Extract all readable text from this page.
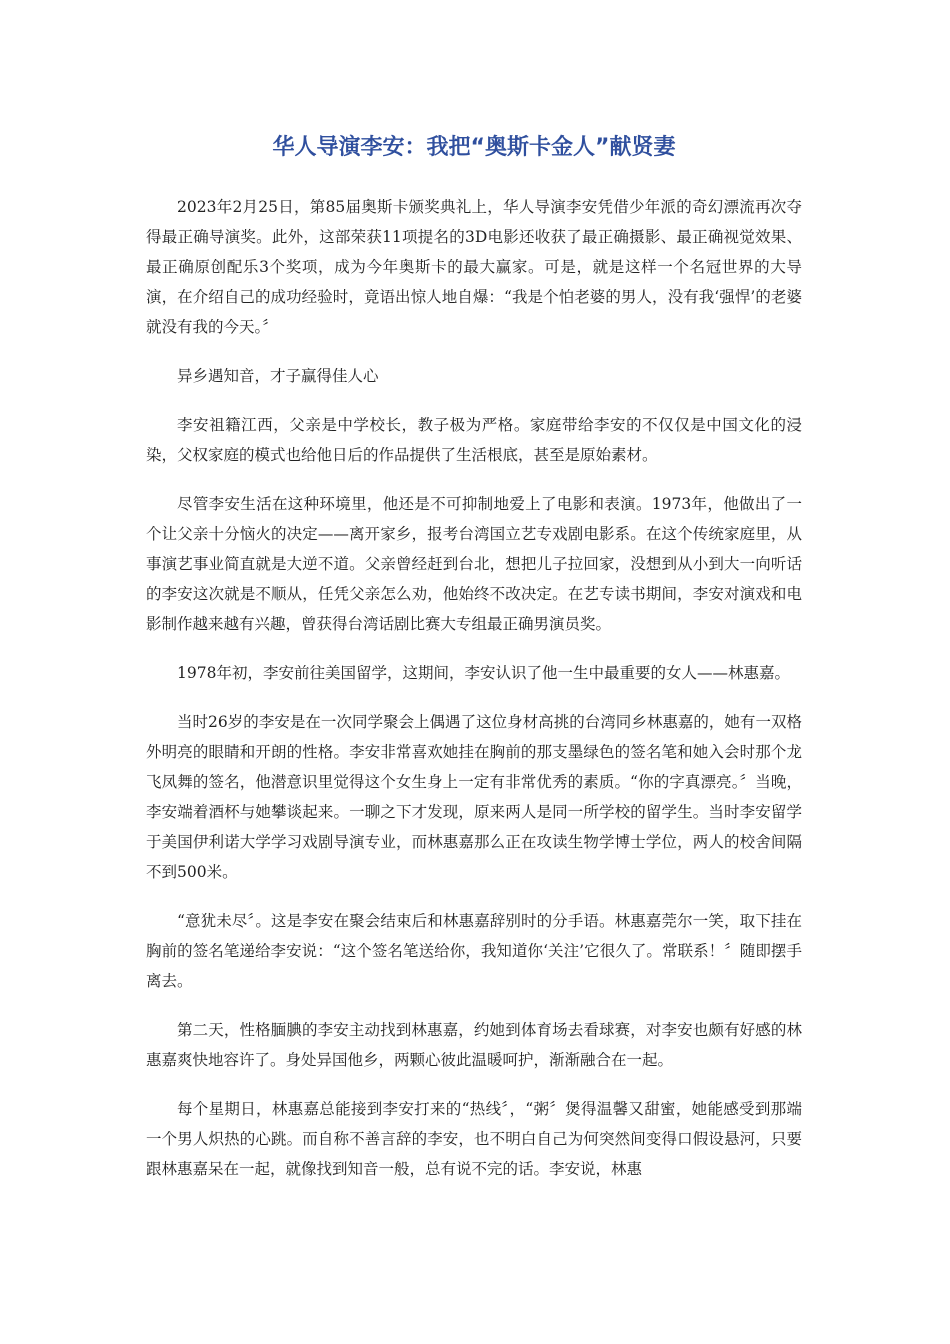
华人导演李安：我把“奥斯卡金人”献贤妻

2023年2月25日，第85届奥斯卡颁奖典礼上，华人导演李安凭借少年派的奇幻漂流再次夺得最正确导演奖。此外，这部荣获11项提名的3D电影还收获了最正确摄影、最正确视觉效果、最正确原创配乐3个奖项，成为今年奥斯卡的最大赢家。可是，就是这样一个名冠世界的大导演，在介绍自己的成功经验时，竟语出惊人地自爆：“我是个怕老婆的男人，没有我‘强悍’的老婆就没有我的今天。〞

异乡遇知音，才子赢得佳人心

李安祖籍江西，父亲是中学校长，教子极为严格。家庭带给李安的不仅仅是中国文化的浸染，父权家庭的模式也给他日后的作品提供了生活根底，甚至是原始素材。

尽管李安生活在这种环境里，他还是不可抑制地爱上了电影和表演。1973年，他做出了一个让父亲十分恼火的决定——离开家乡，报考台湾国立艺专戏剧电影系。在这个传统家庭里，从事演艺事业简直就是大逆不道。父亲曾经赶到台北，想把儿子拉回家，没想到从小到大一向听话的李安这次就是不顺从，任凭父亲怎么劝，他始终不改决定。在艺专读书期间，李安对演戏和电影制作越来越有兴趣，曾获得台湾话剧比赛大专组最正确男演员奖。

1978年初，李安前往美国留学，这期间，李安认识了他一生中最重要的女人——林惠嘉。

当时26岁的李安是在一次同学聚会上偶遇了这位身材高挑的台湾同乡林惠嘉的，她有一双格外明亮的眼睛和开朗的性格。李安非常喜欢她挂在胸前的那支墨绿色的签名笔和她入会时那个龙飞凤舞的签名，他潜意识里觉得这个女生身上一定有非常优秀的素质。“你的字真漂亮。〞当晚，李安端着酒杯与她攀谈起来。一聊之下才发现，原来两人是同一所学校的留学生。当时李安留学于美国伊利诺大学学习戏剧导演专业，而林惠嘉那么正在攻读生物学博士学位，两人的校舍间隔不到500米。

“意犹未尽〞。这是李安在聚会结束后和林惠嘉辞别时的分手语。林惠嘉莞尔一笑，取下挂在胸前的签名笔递给李安说：“这个签名笔送给你，我知道你‘关注’它很久了。常联系！〞随即摆手离去。

第二天，性格腼腆的李安主动找到林惠嘉，约她到体育场去看球赛，对李安也颇有好感的林惠嘉爽快地容许了。身处异国他乡，两颗心彼此温暖呵护，渐渐融合在一起。

每个星期日，林惠嘉总能接到李安打来的“热线〞，“粥〞煲得温馨又甜蜜，她能感受到那端一个男人炽热的心跳。而自称不善言辞的李安，也不明白自己为何突然间变得口假设悬河，只要跟林惠嘉呆在一起，就像找到知音一般，总有说不完的话。李安说，林惠
